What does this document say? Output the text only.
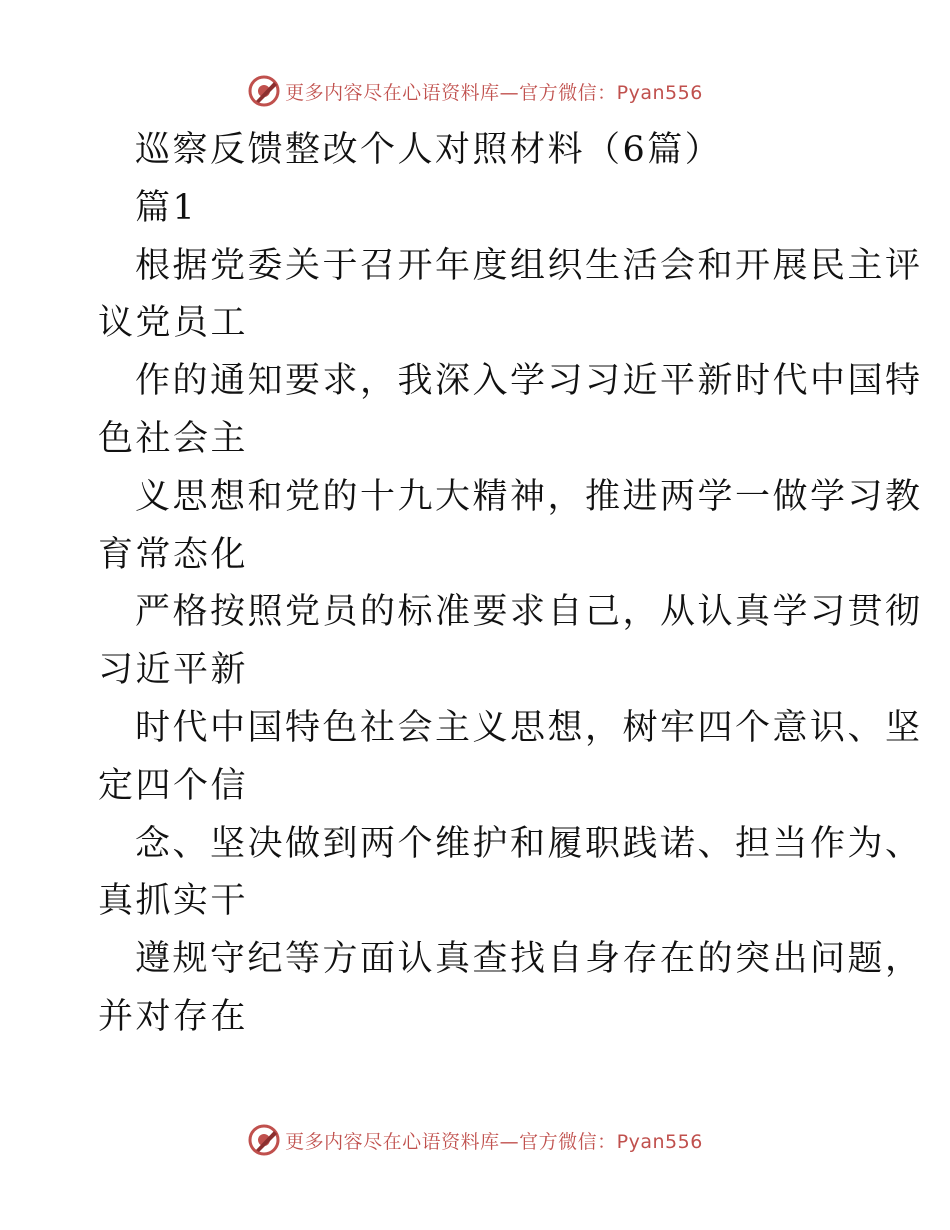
更多内容尽在心语资料库—官方微信：Pyan556

巡察反馈整改个人对照材料（6篇）

篇1

根据党委关于召开年度组织生活会和开展民主评

议党员工

作的通知要求，我深入学习习近平新时代中国特

色社会主

义思想和党的十九大精神，推进两学一做学习教

育常态化

严格按照党员的标准要求自己，从认真学习贯彻

习近平新

时代中国特色社会主义思想，树牢四个意识、坚

定四个信

念、坚决做到两个维护和履职践诺、担当作为、

真抓实干

遵规守纪等方面认真查找自身存在的突出问题，

并对存在

更多内容尽在心语资料库—官方微信：Pyan556
